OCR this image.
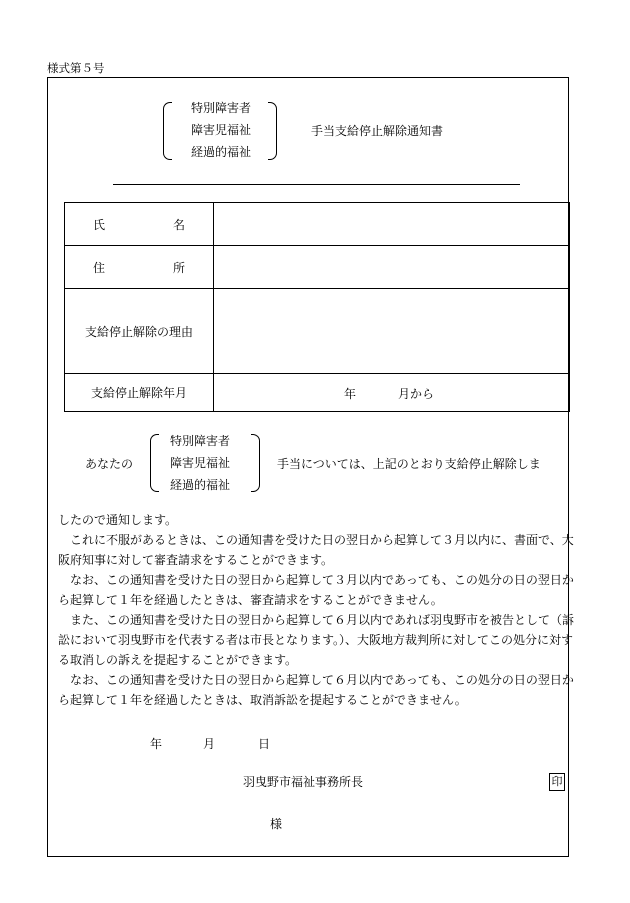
様式第５号
特別障害者
障害児福祉
経過的福祉
手当支給停止解除通知書
氏　名	
住　所	
支給停止解除の理由	
支給停止解除年月	年 月から
あなたの
特別障害者
障害児福祉
経過的福祉
手当については、上記のとおり支給停止解除しま

したので通知します。

これに不服があるときは、この通知書を受けた日の翌日から起算して３月以内に、書面で、大阪府知事に対して審査請求をすることができます。

なお、この通知書を受けた日の翌日から起算して３月以内であっても、この処分の日の翌日から起算して１年を経過したときは、審査請求をすることができません。

また、この通知書を受けた日の翌日から起算して６月以内であれば羽曳野市を被告として（訴訟において羽曳野市を代表する者は市長となります。）、大阪地方裁判所に対してこの処分に対する取消しの訴えを提起することができます。

なお、この通知書を受けた日の翌日から起算して６月以内であっても、この処分の日の翌日から起算して１年を経過したときは、取消訴訟を提起することができません。

年	月	日
羽曳野市福祉事務所長	印
様
